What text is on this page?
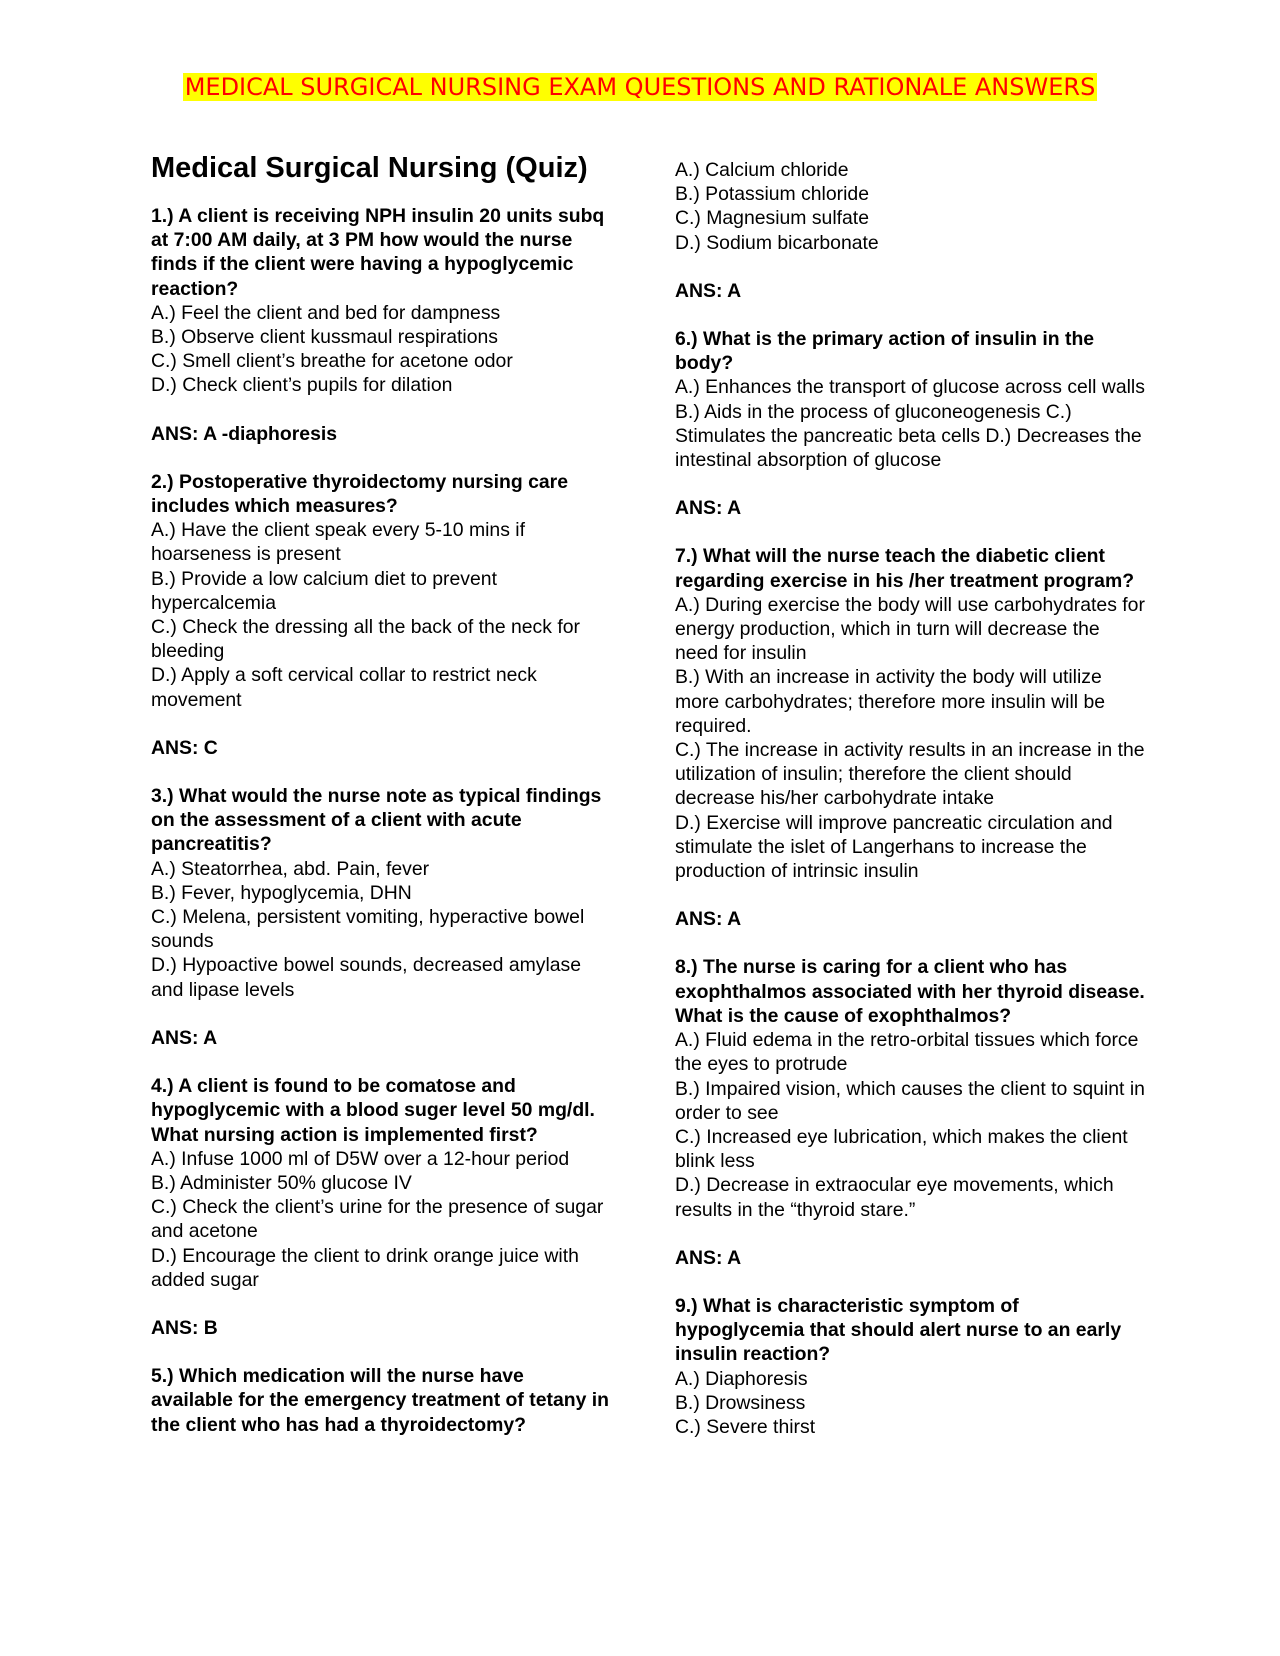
MEDICAL SURGICAL NURSING EXAM QUESTIONS AND RATIONALE ANSWERS
Medical Surgical Nursing (Quiz)
1.) A client is receiving NPH insulin 20 units subq at 7:00 AM daily, at 3 PM how would the nurse finds if the client were having a hypoglycemic reaction?
A.) Feel the client and bed for dampness
B.) Observe client kussmaul respirations
C.) Smell client’s breathe for acetone odor
D.) Check client’s pupils for dilation
ANS: A -diaphoresis
2.) Postoperative thyroidectomy nursing care includes which measures?
A.) Have the client speak every 5-10 mins if hoarseness is present
B.) Provide a low calcium diet to prevent hypercalcemia
C.) Check the dressing all the back of the neck for bleeding
D.) Apply a soft cervical collar to restrict neck movement
ANS: C
3.) What would the nurse note as typical findings on the assessment of a client with acute pancreatitis?
A.) Steatorrhea, abd. Pain, fever
B.) Fever, hypoglycemia, DHN
C.) Melena, persistent vomiting, hyperactive bowel sounds
D.) Hypoactive bowel sounds, decreased amylase and lipase levels
ANS: A
4.) A client is found to be comatose and hypoglycemic with a blood suger level 50 mg/dl. What nursing action is implemented first?
A.) Infuse 1000 ml of D5W over a 12-hour period
B.) Administer 50% glucose IV
C.) Check the client’s urine for the presence of sugar and acetone
D.) Encourage the client to drink orange juice with added sugar
ANS: B
5.) Which medication will the nurse have available for the emergency treatment of tetany in the client who has had a thyroidectomy?
A.) Calcium chloride
B.) Potassium chloride
C.) Magnesium sulfate
D.) Sodium bicarbonate
ANS: A
6.) What is the primary action of insulin in the body?
A.) Enhances the transport of glucose across cell walls
B.) Aids in the process of gluconeogenesis C.) Stimulates the pancreatic beta cells D.) Decreases the intestinal absorption of glucose
ANS: A
7.) What will the nurse teach the diabetic client regarding exercise in his /her treatment program?
A.) During exercise the body will use carbohydrates for energy production, which in turn will decrease the need for insulin
B.) With an increase in activity the body will utilize more carbohydrates; therefore more insulin will be required.
C.) The increase in activity results in an increase in the utilization of insulin; therefore the client should decrease his/her carbohydrate intake
D.) Exercise will improve pancreatic circulation and stimulate the islet of Langerhans to increase the production of intrinsic insulin
ANS: A
8.) The nurse is caring for a client who has exophthalmos associated with her thyroid disease. What is the cause of exophthalmos?
A.) Fluid edema in the retro-orbital tissues which force the eyes to protrude
B.) Impaired vision, which causes the client to squint in order to see
C.) Increased eye lubrication, which makes the client blink less
D.) Decrease in extraocular eye movements, which results in the “thyroid stare.”
ANS: A
9.) What is characteristic symptom of hypoglycemia that should alert nurse to an early insulin reaction?
A.) Diaphoresis
B.) Drowsiness
C.) Severe thirst
